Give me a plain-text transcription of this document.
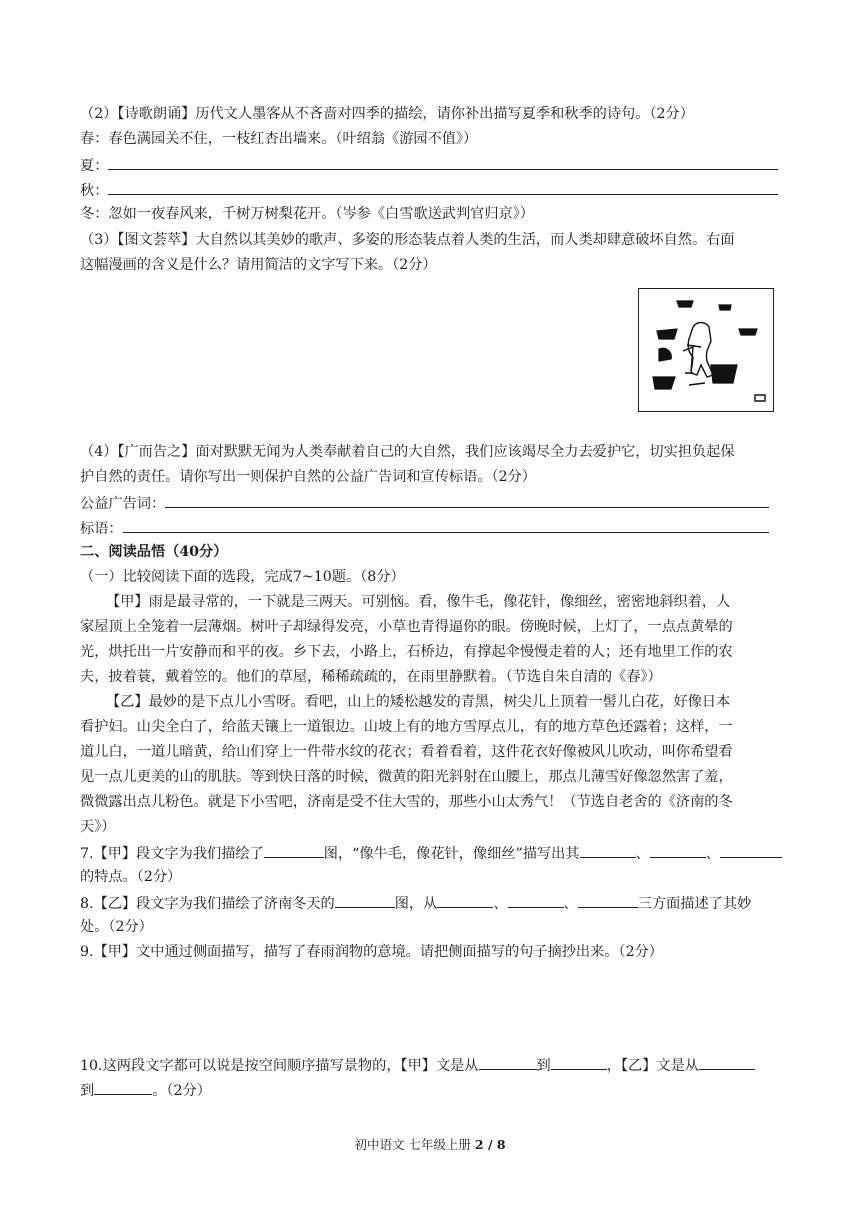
（2）【诗歌朗诵】历代文人墨客从不吝啬对四季的描绘，请你补出描写夏季和秋季的诗句。（2分）
春：春色满园关不住，一枝红杏出墙来。（叶绍翁《游园不值》）
夏：
秋：
冬：忽如一夜春风来，千树万树梨花开。（岑参《白雪歌送武判官归京》）
（3）【图文荟萃】大自然以其美妙的歌声、多姿的形态装点着人类的生活，而人类却肆意破坏自然。右面
这幅漫画的含义是什么？请用简洁的文字写下来。（2分）
（4）【广而告之】面对默默无闻为人类奉献着自己的大自然，我们应该竭尽全力去爱护它，切实担负起保
护自然的责任。请你写出一则保护自然的公益广告词和宣传标语。（2分）
公益广告词：
标语：
二、阅读品悟（40分）
（一）比较阅读下面的选段，完成7~10题。（8分）
【甲】雨是最寻常的，一下就是三两天。可别恼。看，像牛毛，像花针，像细丝，密密地斜织着，人
家屋顶上全笼着一层薄烟。树叶子却绿得发亮，小草也青得逼你的眼。傍晚时候，上灯了，一点点黄晕的
光，烘托出一片安静而和平的夜。乡下去，小路上，石桥边，有撑起伞慢慢走着的人；还有地里工作的农
夫，披着蓑，戴着笠的。他们的草屋，稀稀疏疏的，在雨里静默着。（节选自朱自清的《春》）
【乙】最妙的是下点儿小雪呀。看吧，山上的矮松越发的青黑，树尖儿上顶着一髻儿白花，好像日本
看护妇。山尖全白了，给蓝天镶上一道银边。山坡上有的地方雪厚点儿，有的地方草色还露着；这样，一
道儿白，一道儿暗黄，给山们穿上一件带水纹的花衣；看着看着，这件花衣好像被风儿吹动，叫你希望看
见一点儿更美的山的肌肤。等到快日落的时候，微黄的阳光斜射在山腰上，那点儿薄雪好像忽然害了羞，
微微露出点儿粉色。就是下小雪吧，济南是受不住大雪的，那些小山太秀气！（节选自老舍的《济南的冬
天》）
7.【甲】段文字为我们描绘了	图，“像牛毛，像花针，像细丝”描写出其	、	、
的特点。（2分）
8.【乙】段文字为我们描绘了济南冬天的	图，从	、	、	三方面描述了其妙
处。（2分）
9.【甲】文中通过侧面描写，描写了春雨润物的意境。请把侧面描写的句子摘抄出来。（2分）
10.这两段文字都可以说是按空间顺序描写景物的，【甲】文是从	到	，【乙】文是从
到	。（2分）
初中语文 七年级上册 2 / 8
